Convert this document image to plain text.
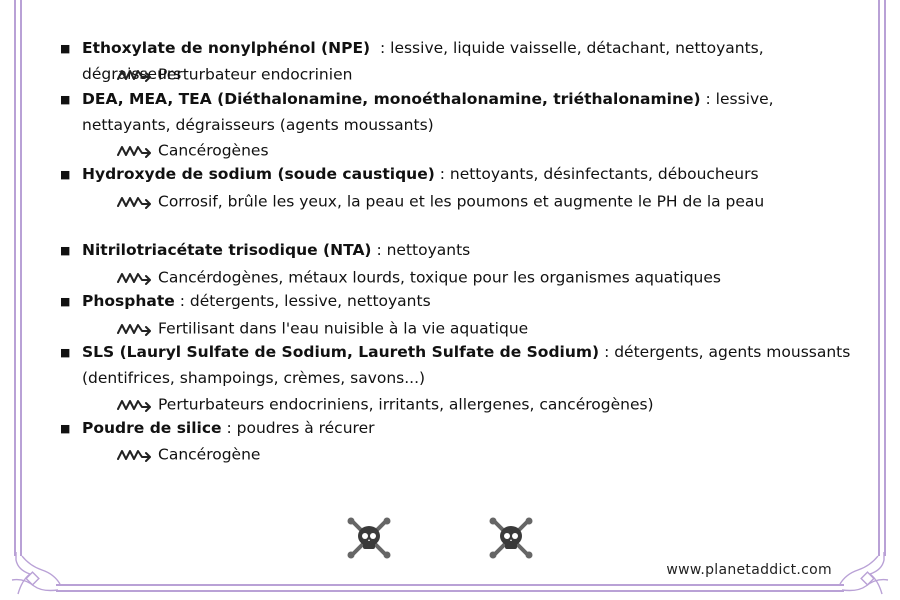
■ Ethoxylate de nonylphénol (NPE)  : lessive, liquide vaisselle, détachant, nettoyants, dégraisseurs
Perturbateur endocrinien
■ DEA, MEA, TEA (Diéthalonamine, monoéthalonamine, triéthalonamine) : lessive, nettayants, dégraisseurs (agents moussants)
Cancérogènes
■ Hydroxyde de sodium (soude caustique) : nettoyants, désinfectants, déboucheurs
Corrosif, brûle les yeux, la peau et les poumons et augmente le PH de la peau
■ Nitrilotriacétate trisodique (NTA) : nettoyants
Cancérdogènes, métaux lourds, toxique pour les organismes aquatiques
■ Phosphate : détergents, lessive, nettoyants
Fertilisant dans l'eau nuisible à la vie aquatique
■ SLS (Lauryl Sulfate de Sodium, Laureth Sulfate de Sodium) : détergents, agents moussants (dentifrices, shampoings, crèmes, savons...)
Perturbateurs endocriniens, irritants, allergenes, cancérogènes)
■ Poudre de silice : poudres à récurer
Cancérogène
www.planetaddict.com
